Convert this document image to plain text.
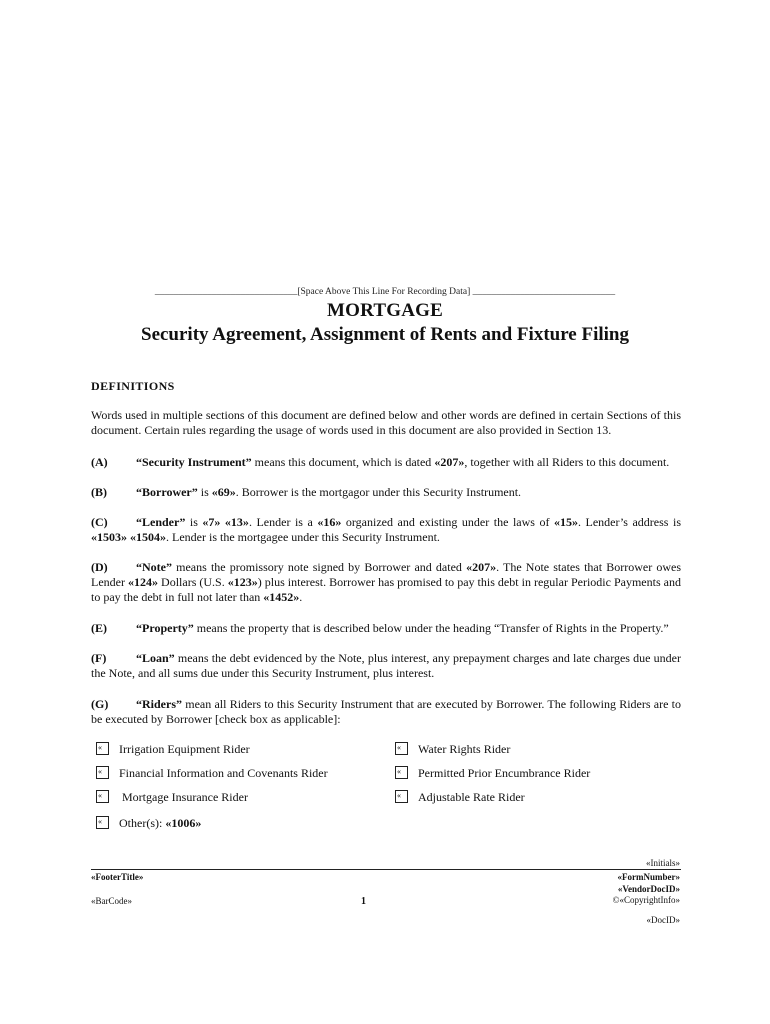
______________________________[Space Above This Line For Recording Data] ______________________________
MORTGAGE
Security Agreement, Assignment of Rents and Fixture Filing
DEFINITIONS
Words used in multiple sections of this document are defined below and other words are defined in certain Sections of this document. Certain rules regarding the usage of words used in this document are also provided in Section 13.
(A) “Security Instrument” means this document, which is dated «207», together with all Riders to this document.
(B) “Borrower” is «69». Borrower is the mortgagor under this Security Instrument.
(C) “Lender” is «7» «13». Lender is a «16» organized and existing under the laws of «15». Lender’s address is «1503» «1504». Lender is the mortgagee under this Security Instrument.
(D) “Note” means the promissory note signed by Borrower and dated «207». The Note states that Borrower owes Lender «124» Dollars (U.S. «123») plus interest. Borrower has promised to pay this debt in regular Periodic Payments and to pay the debt in full not later than «1452».
(E) “Property” means the property that is described below under the heading “Transfer of Rights in the Property.”
(F) “Loan” means the debt evidenced by the Note, plus interest, any prepayment charges and late charges due under the Note, and all sums due under this Security Instrument, plus interest.
(G) “Riders” mean all Riders to this Security Instrument that are executed by Borrower. The following Riders are to be executed by Borrower [check box as applicable]:
« Irrigation Equipment Rider	« Water Rights Rider
« Financial Information and Covenants Rider	« Permitted Prior Encumbrance Rider
« Mortgage Insurance Rider	« Adjustable Rate Rider
« Other(s): «1006»
«Initials»
«FooterTitle»	«FormNumber»
«VendorDocID»
«BarCode»	1	©«CopyrightInfo»
«DocID»
